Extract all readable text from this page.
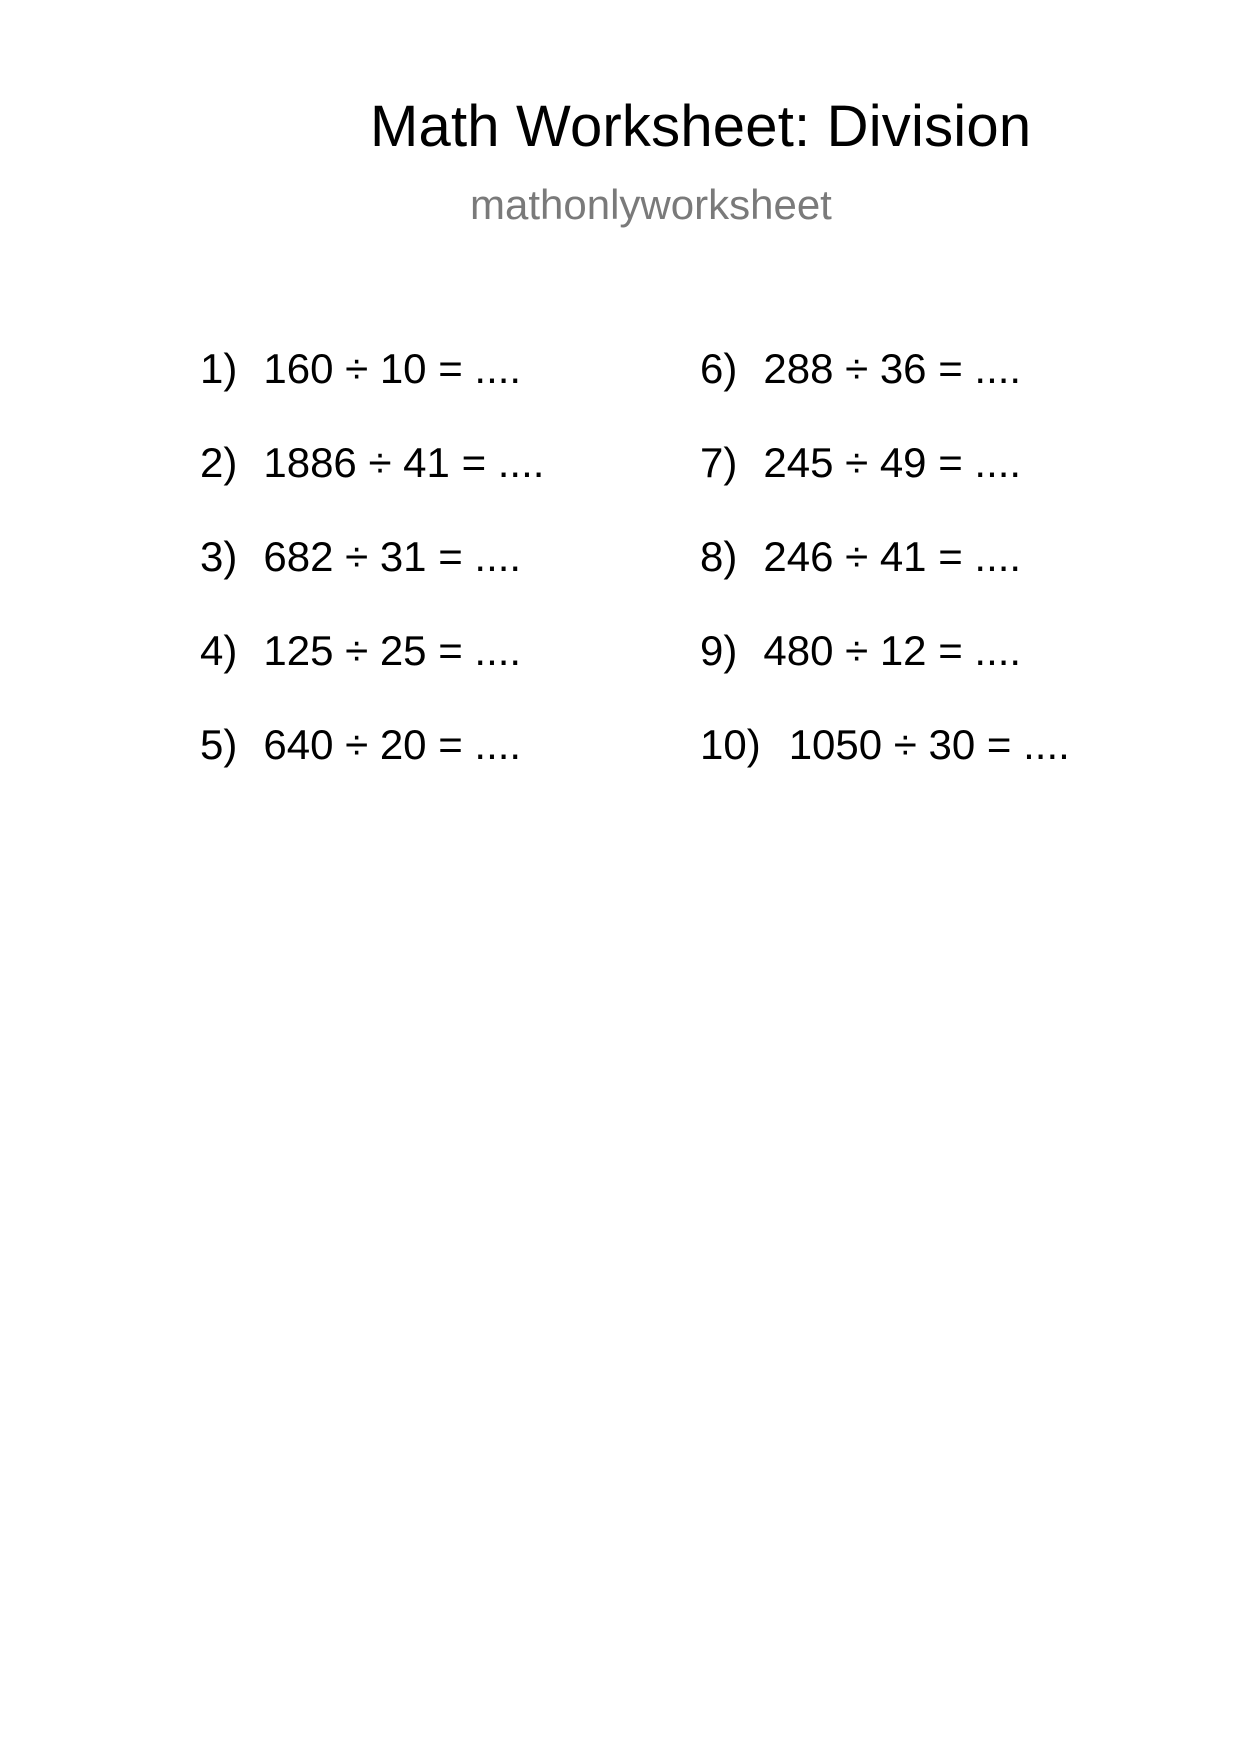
Math Worksheet: Division
mathonlyworksheet
1) 160 ÷ 10 = ....
2) 1886 ÷ 41 = ....
3) 682 ÷ 31 = ....
4) 125 ÷ 25 = ....
5) 640 ÷ 20 = ....
6) 288 ÷ 36 = ....
7) 245 ÷ 49 = ....
8) 246 ÷ 41 = ....
9) 480 ÷ 12 = ....
10) 1050 ÷ 30 = ....
